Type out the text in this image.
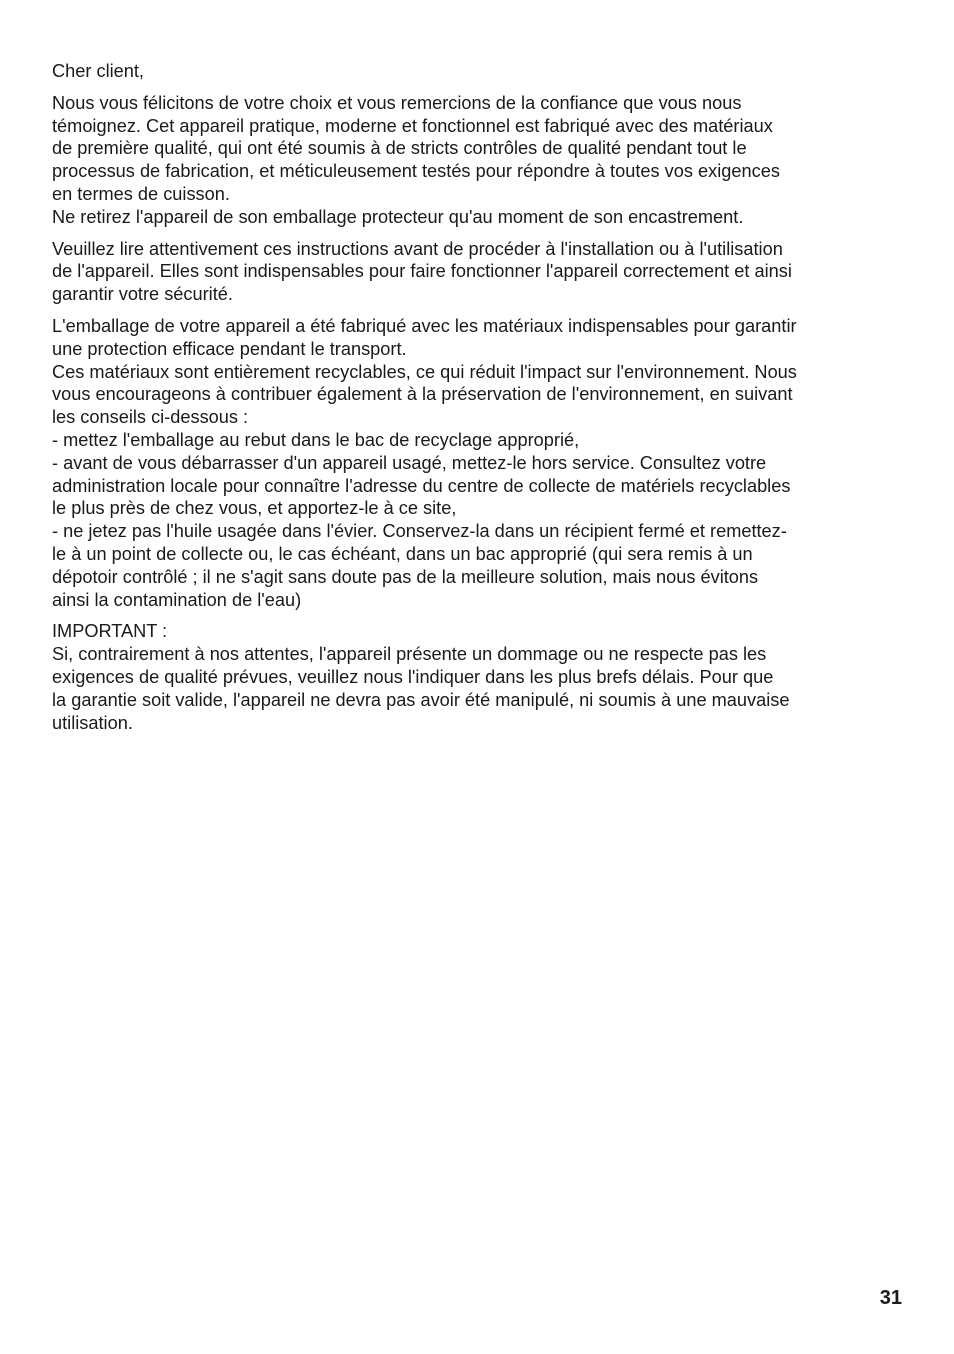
Cher client,

Nous vous félicitons de votre choix et vous remercions de la confiance que vous nous
témoignez. Cet appareil pratique, moderne et fonctionnel est fabriqué avec des matériaux
de première qualité, qui ont été soumis à de stricts contrôles de qualité pendant tout le
processus de fabrication, et méticuleusement testés pour répondre à toutes vos exigences
en termes de cuisson.
Ne retirez l'appareil de son emballage protecteur qu'au moment de son encastrement.

Veuillez lire attentivement ces instructions avant de procéder à l'installation ou à l'utilisation
de l'appareil. Elles sont indispensables pour faire fonctionner l'appareil correctement et ainsi
garantir votre sécurité.

L'emballage de votre appareil a été fabriqué avec les matériaux indispensables pour garantir
une protection efficace pendant le transport.
Ces matériaux sont entièrement recyclables, ce qui réduit l'impact sur l'environnement. Nous
vous encourageons à contribuer également à la préservation de l'environnement, en suivant
les conseils ci-dessous :
- mettez l'emballage au rebut dans le bac de recyclage approprié,
- avant de vous débarrasser d'un appareil usagé, mettez-le hors service. Consultez votre
administration locale pour connaître l'adresse du centre de collecte de matériels recyclables
le plus près de chez vous, et apportez-le à ce site,
- ne jetez pas l'huile usagée dans l'évier. Conservez-la dans un récipient fermé et remettez-
le à un point de collecte ou, le cas échéant, dans un bac approprié (qui sera remis à un
dépotoir contrôlé ; il ne s'agit sans doute pas de la meilleure solution, mais nous évitons
ainsi la contamination de l'eau)

IMPORTANT :
Si, contrairement à nos attentes, l'appareil présente un dommage ou ne respecte pas les
exigences de qualité prévues, veuillez nous l'indiquer dans les plus brefs délais. Pour que
la garantie soit valide, l'appareil ne devra pas avoir été manipulé, ni soumis à une mauvaise
utilisation.

31
